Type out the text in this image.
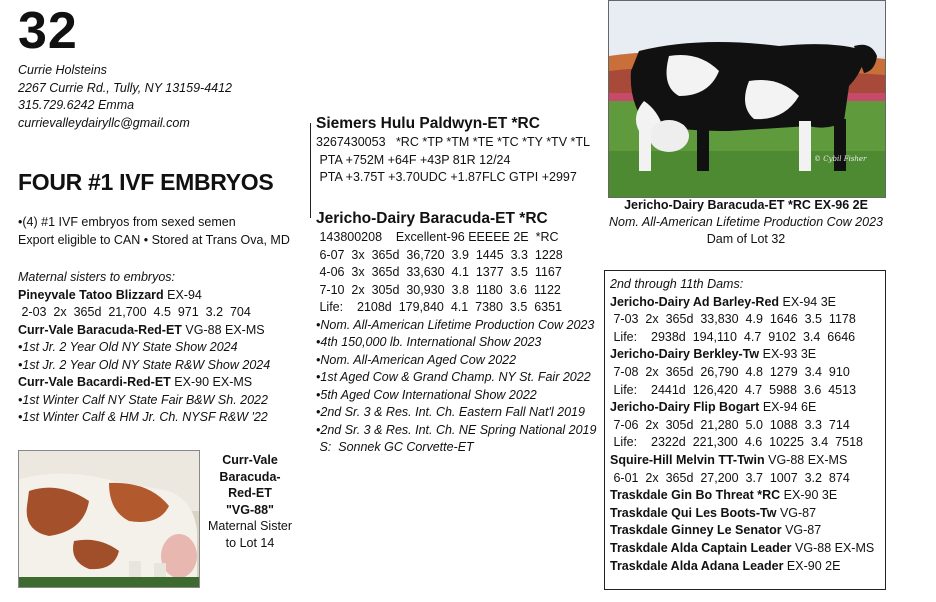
32
Currie Holsteins
2267 Currie Rd., Tully, NY 13159-4412
315.729.6242 Emma
currievalleydairyllc@gmail.com
FOUR #1 IVF EMBRYOS
•(4) #1 IVF embryos from sexed semen
Export eligible to CAN • Stored at Trans Ova, MD
Maternal sisters to embryos:
Pineyvale Tatoo Blizzard EX-94
2-03  2x  365d  21,700  4.5  971  3.2  704
Curr-Vale Baracuda-Red-ET VG-88 EX-MS
•1st Jr. 2 Year Old NY State Show 2024
•1st Jr. 2 Year Old NY State R&W Show 2024
Curr-Vale Bacardi-Red-ET EX-90 EX-MS
•1st Winter Calf NY State Fair B&W Sh. 2022
•1st Winter Calf & HM Jr. Ch. NYSF R&W '22
Curr-Vale Baracuda-Red-ET
"VG-88"
Maternal Sister to Lot 14
Siemers Hulu Paldwyn-ET *RC
3267430053   *RC *TP *TM *TE *TC *TY *TV *TL
PTA +752M +64F +43P 81R 12/24
PTA +3.75T +3.70UDC +1.87FLC GTPI +2997
Jericho-Dairy Baracuda-ET *RC
143800208    Excellent-96 EEEEE 2E  *RC
6-07  3x  365d  36,720  3.9  1445  3.3  1228
4-06  3x  365d  33,630  4.1  1377  3.5  1167
7-10  2x  305d  30,930  3.8  1180  3.6  1122
Life:    2108d  179,840  4.1  7380  3.5  6351
•Nom. All-American Lifetime Production Cow 2023
•4th 150,000 lb. International Show 2023
•Nom. All-American Aged Cow 2022
•1st Aged Cow & Grand Champ. NY St. Fair 2022
•5th Aged Cow International Show 2022
•2nd Sr. 3 & Res. Int. Ch. Eastern Fall Nat'l 2019
•2nd Sr. 3 & Res. Int. Ch. NE Spring National 2019
S:  Sonnek GC Corvette-ET
© Cybil Fisher
Jericho-Dairy Baracuda-ET *RC EX-96 2E
Nom. All-American Lifetime Production Cow 2023
Dam of Lot 32
2nd through 11th Dams:
Jericho-Dairy Ad Barley-Red EX-94 3E
7-03  2x  365d  33,830  4.9  1646  3.5  1178
Life:    2938d  194,110  4.7  9102  3.4  6646
Jericho-Dairy Berkley-Tw EX-93 3E
7-08  2x  365d  26,790  4.8  1279  3.4  910
Life:    2441d  126,420  4.7  5988  3.6  4513
Jericho-Dairy Flip Bogart EX-94 6E
7-06  2x  305d  21,280  5.0  1088  3.3  714
Life:    2322d  221,300  4.6  10225  3.4  7518
Squire-Hill Melvin TT-Twin VG-88 EX-MS
6-01  2x  365d  27,200  3.7  1007  3.2  874
Traskdale Gin Bo Threat *RC EX-90 3E
Traskdale Qui Les Boots-Tw VG-87
Traskdale Ginney Le Senator VG-87
Traskdale Alda Captain Leader VG-88 EX-MS
Traskdale Alda Adana Leader EX-90 2E
